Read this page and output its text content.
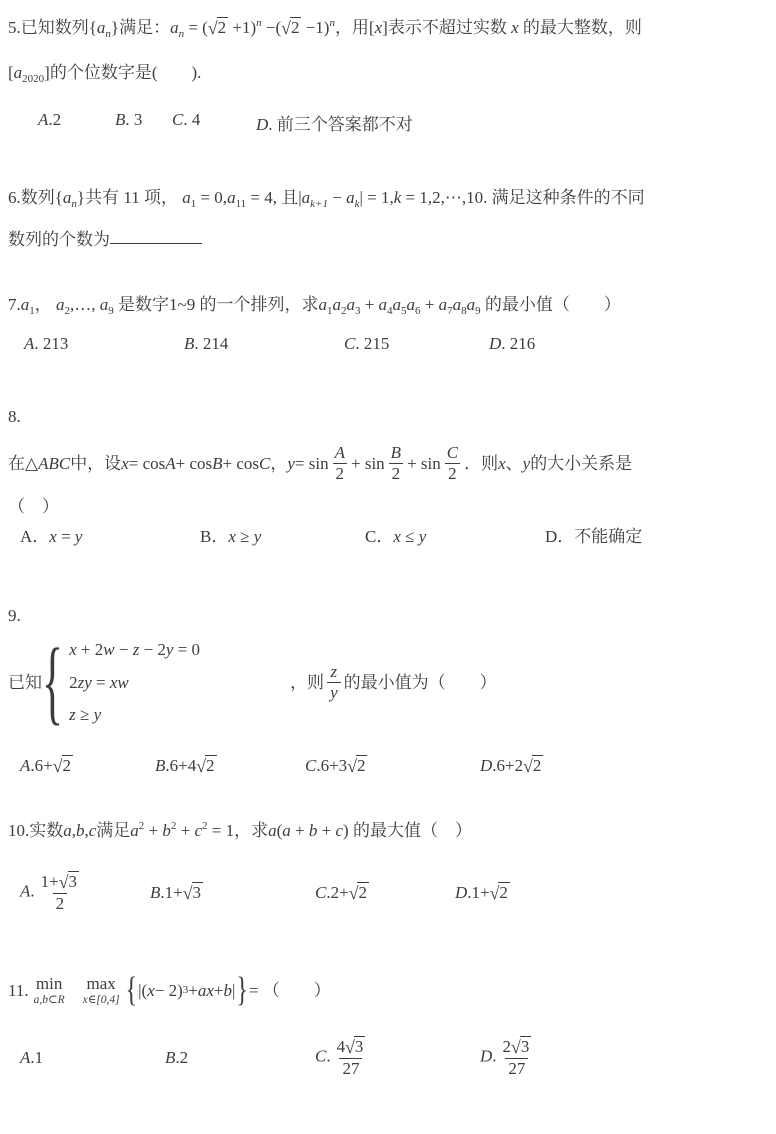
5.已知数列$\{a_n\}$满足：$a_n = (√2 +1)^n -(√2 -1)^n$，用[x]表示不超过实数 x 的最大整数，则
$[a_{2020}]$的个位数字是(　　).
A.2	B. 3	C. 4	D. 前三个答案都不对
6.数列$\{a_n\}$共有 11 项， $a_1 = 0,a_{11} = 4$, 且$|a_{k+1} - a_k| = 1,k$ = 1,2,⋯,10. 满足这种条件的不同
数列的个数为
$7.a_1$， $a_2,\dots$, $a_9$ 是数字1~9 的一个排列，求$a_1a_2a_3 + a_4a_5a_6 + a_7a_8a_9$ 的最小值（　　）
A. 213	B. 214	C. 215	D. 216
8.
在 △ ABC 中，设 x = cos A + cos B + cos C ， $y = \sin \frac{A}{2} + \sin \frac{B}{2} + \sin \frac{C}{2}$ ．则 x 、 y 的大小关系是
（　）
A．x = y	B．x ≥ y	C．x ≤ y	D．不能确定
9.
已知 { x + 2w − z − 2y = 0
2zy = xw
z ≥ y
，则 $\frac{z}{y}$ 的最小值为（　　）
A.6+√2	B.6+4√2	C.6+3√2	D.6+2√2
10.实数a,b,c满足$a^2 + b^2 + c^2 = 1$，求a(a + b + c) 的最大值（　）
A. $\frac{1+√3}{2}$	B.1+√3	C.2+√2	D.1+√2
11. min
a,b⊂R
max
x∈[0,4] { |( x − 2) 3 + ax + b | } = （　　）
A.1	B.2	C. $\frac{4√3}{27}$	D. $\frac{2√3}{27}$
